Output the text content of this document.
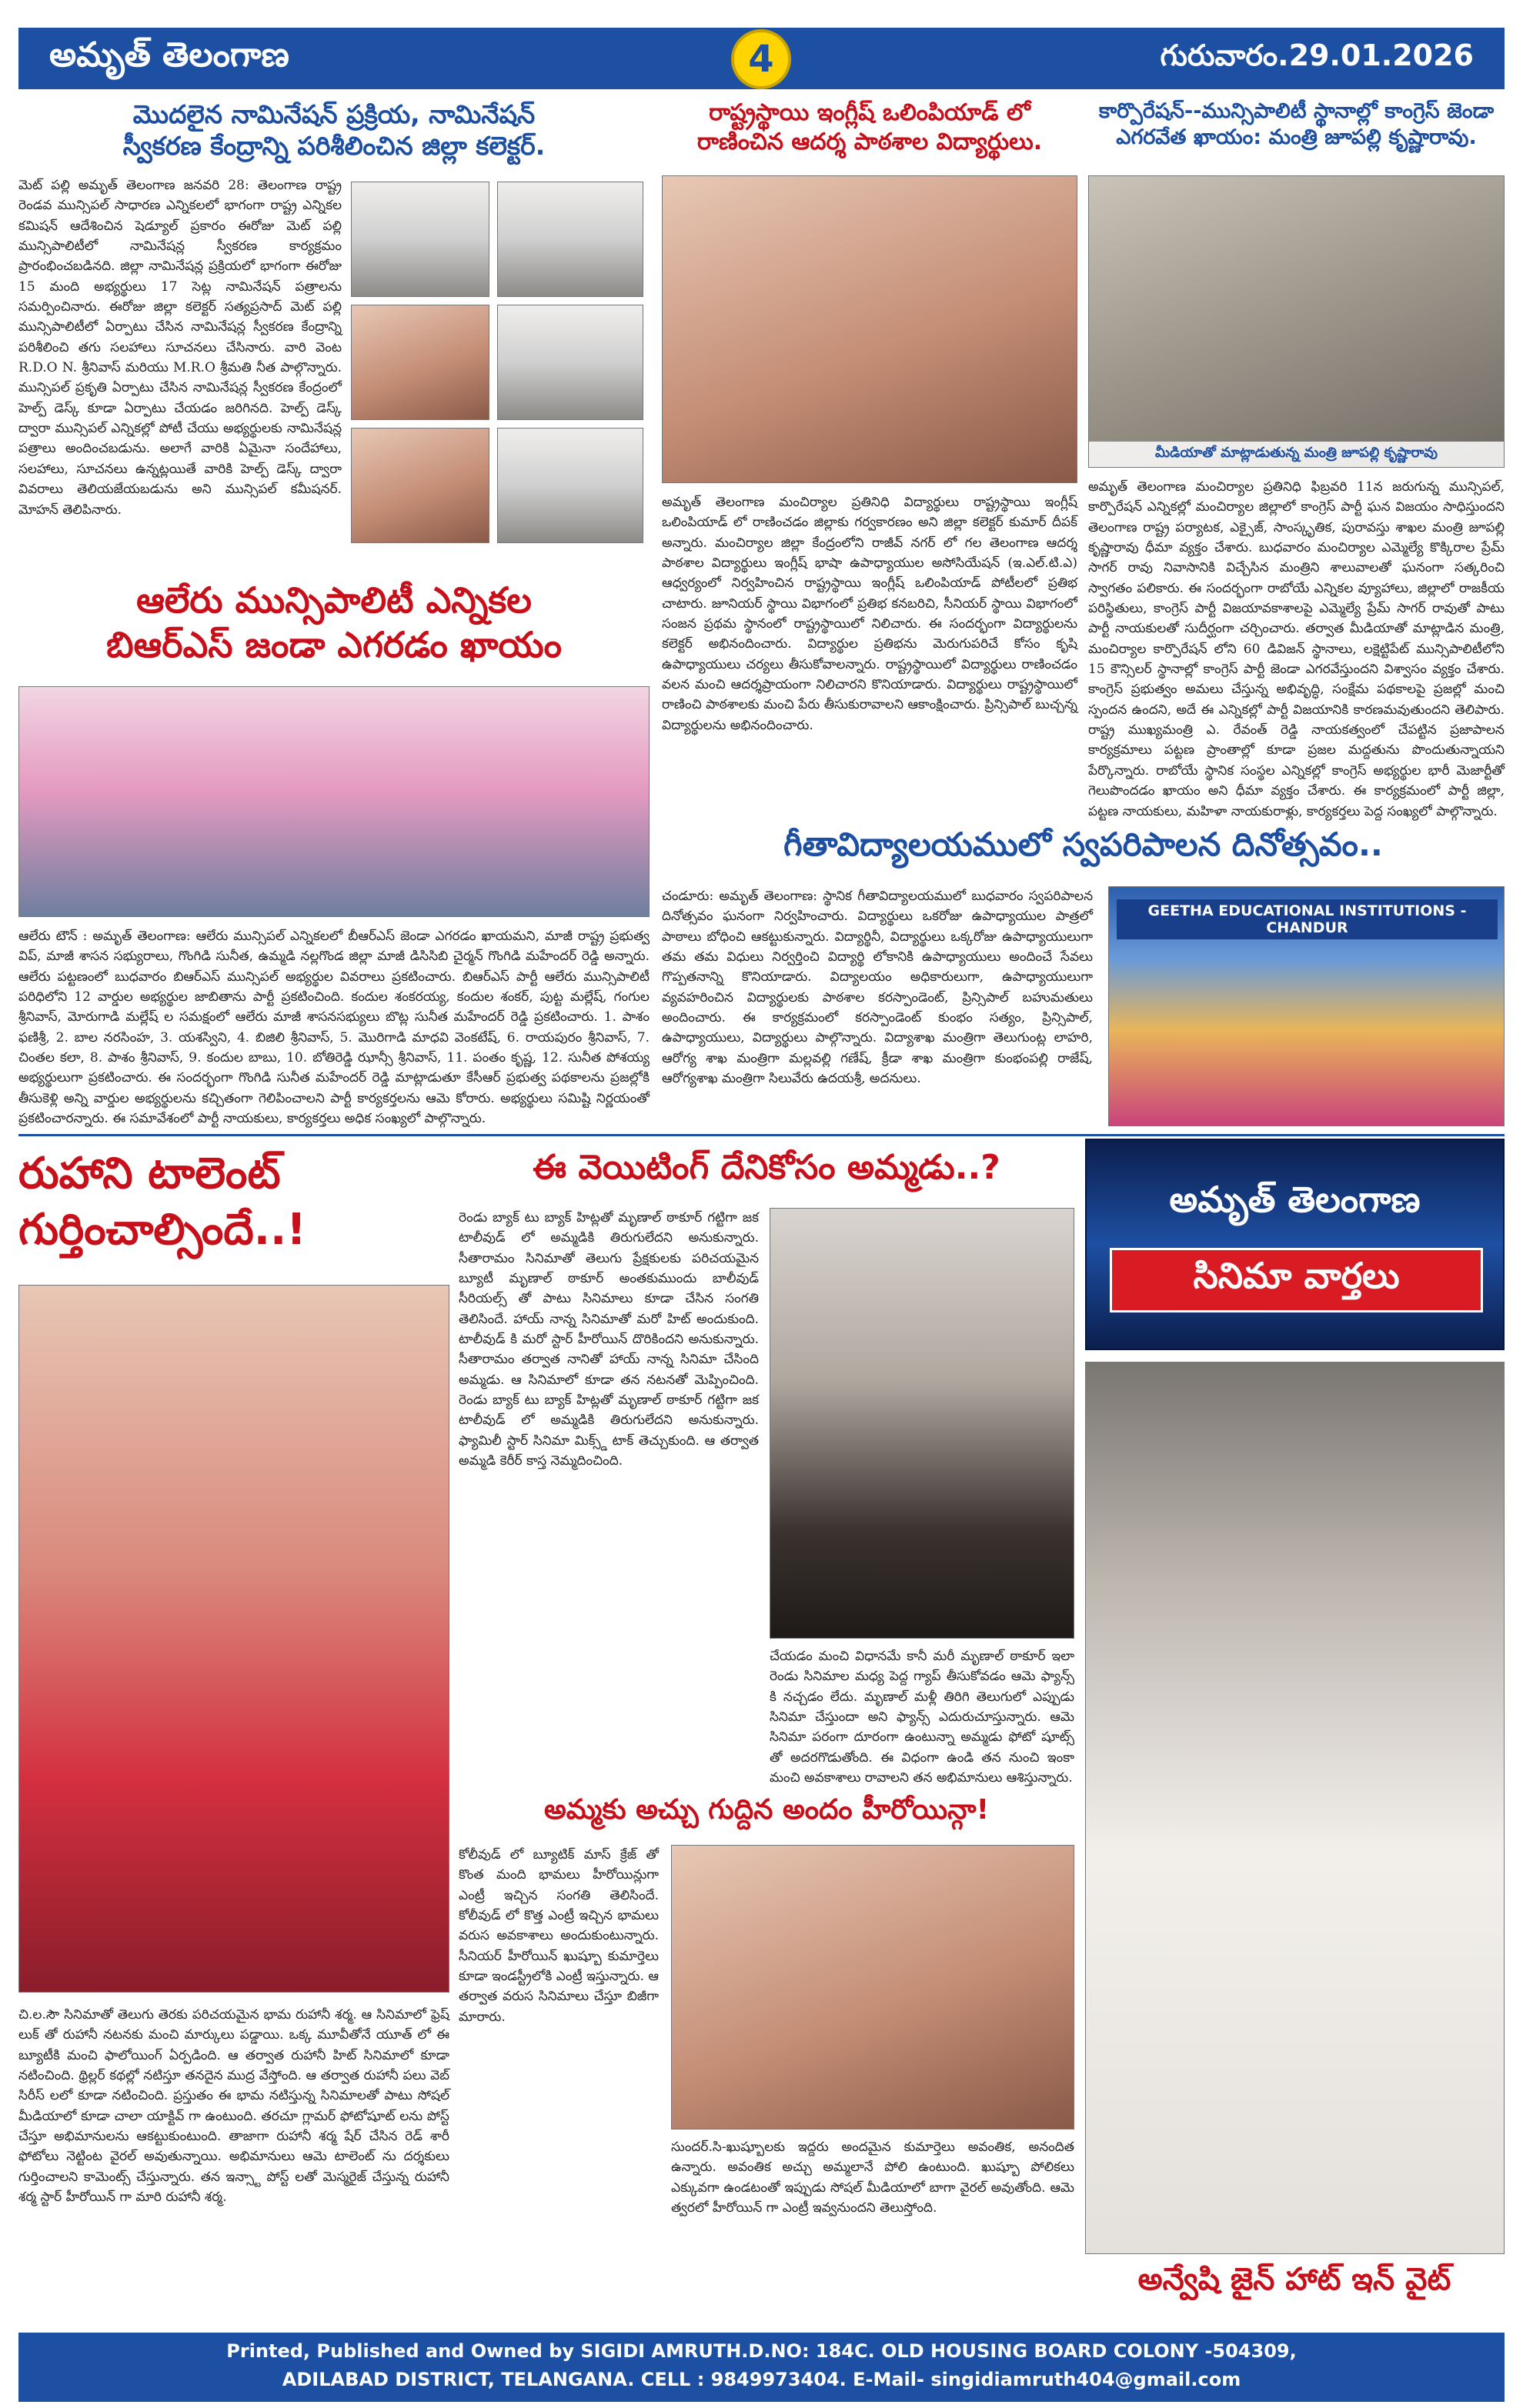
అమృత్ తెలంగాణ	గురువారం.29.01.2026
4
మొదలైన నామినేషన్ ప్రక్రియ, నామినేషన్
స్వీకరణ కేంద్రాన్ని పరిశీలించిన జిల్లా కలెక్టర్.
మెట్ పల్లి అమృత్ తెలంగాణ జనవరి 28: తెలంగాణ రాష్ట్ర రెండవ మున్సిపల్ సాధారణ ఎన్నికలలో భాగంగా రాష్ట్ర ఎన్నికల కమిషన్ ఆదేశించిన షెడ్యూల్ ప్రకారం ఈరోజు మెట్ పల్లి మున్సిపాలిటీలో నామినేషన్ల స్వీకరణ కార్యక్రమం ప్రారంభించబడినది. జిల్లా నామినేషన్ల ప్రక్రియలో భాగంగా ఈరోజు 15 మంది అభ్యర్థులు 17 సెట్ల నామినేషన్ పత్రాలను సమర్పించినారు. ఈరోజు జిల్లా కలెక్టర్ సత్యప్రసాద్ మెట్ పల్లి మున్సిపాలిటీలో ఏర్పాటు చేసిన నామినేషన్ల స్వీకరణ కేంద్రాన్ని పరిశీలించి తగు సలహాలు సూచనలు చేసినారు. వారి వెంట R.D.O N. శ్రీనివాస్ మరియు M.R.O శ్రీమతి నీత పాల్గొన్నారు. మున్సిపల్ ప్రకృతి ఏర్పాటు చేసిన నామినేషన్ల స్వీకరణ కేంద్రంలో హెల్ప్ డెస్క్ కూడా ఏర్పాటు చేయడం జరిగినది. హెల్ప్ డెస్క్ ద్వారా మున్సిపల్ ఎన్నికల్లో పోటీ చేయు అభ్యర్థులకు నామినేషన్ల పత్రాలు అందించబడును. అలాగే వారికి ఏమైనా సందేహాలు, సలహాలు, సూచనలు ఉన్నట్లయితే వారికి హెల్ప్ డెస్క్ ద్వారా వివరాలు తెలియజేయబడును అని మున్సిపల్ కమీషనర్. మోహన్ తెలిపినారు.
ఆలేరు మున్సిపాలిటీ ఎన్నికల
బిఆర్ఎస్ జండా ఎగరడం ఖాయం
ఆలేరు టౌన్ : అమృత్ తెలంగాణ: ఆలేరు మున్సిపల్ ఎన్నికలలో బీఆర్ఎస్ జెండా ఎగరడం ఖాయమని, మాజీ రాష్ట్ర ప్రభుత్వ విప్, మాజీ శాసన సభ్యురాలు, గొంగిడి సునీత, ఉమ్మడి నల్లగొండ జిల్లా మాజీ డిసిసిబి చైర్మన్ గొంగిడి మహేందర్ రెడ్డి అన్నారు. ఆలేరు పట్టణంలో బుధవారం బిఆర్ఎస్ మున్సిపల్ అభ్యర్థుల వివరాలు ప్రకటించారు. బిఆర్ఎస్ పార్టీ ఆలేరు మున్సిపాలిటీ పరిధిలోని 12 వార్డుల అభ్యర్థుల జాబితాను పార్టీ ప్రకటించింది. కందుల శంకరయ్య, కందుల శంకర్, పుట్ట మల్లేష్, గంగుల శ్రీనివాస్, మోరుగాడి మల్లేష్ ల సమక్షంలో ఆలేరు మాజీ శాసనసభ్యులు బొట్ల సునీత మహేందర్ రెడ్డి ప్రకటించారు. 1. పాశం ఫణిశ్రీ, 2. బాల నరసింహ, 3. యశస్విని, 4. బిజిలి శ్రీనివాస్, 5. మొరిగాడి మాధవి వెంకటేష్, 6. రాయపురం శ్రీనివాస్, 7. చింతల కలా, 8. పాశం శ్రీనివాస్, 9. కందుల బాబు, 10. బోతిరెడ్డి ఝాన్సీ శ్రీనివాస్, 11. పంతం కృష్ణ, 12. సునీత పోశయ్య అభ్యర్థులుగా ప్రకటించారు. ఈ సందర్భంగా గొంగిడి సునీత మహేందర్ రెడ్డి మాట్లాడుతూ కేసీఆర్ ప్రభుత్వ పథకాలను ప్రజల్లోకి తీసుకెళ్లి అన్ని వార్డుల అభ్యర్థులను కచ్చితంగా గెలిపించాలని పార్టీ కార్యకర్తలను ఆమె కోరారు. అభ్యర్థులు సమిష్టి నిర్ణయంతో ప్రకటించారన్నారు. ఈ సమావేశంలో పార్టీ నాయకులు, కార్యకర్తలు అధిక సంఖ్యలో పాల్గొన్నారు.
రాష్ట్రస్థాయి ఇంగ్లీష్ ఒలింపియాడ్ లో
రాణించిన ఆదర్శ పాఠశాల విద్యార్థులు.
అమృత్ తెలంగాణ మంచిర్యాల ప్రతినిధి విద్యార్థులు రాష్ట్రస్థాయి ఇంగ్లీష్ ఒలింపియాడ్ లో రాణించడం జిల్లాకు గర్వకారణం అని జిల్లా కలెక్టర్ కుమార్ దీపక్ అన్నారు. మంచిర్యాల జిల్లా కేంద్రంలోని రాజీవ్ నగర్ లో గల తెలంగాణ ఆదర్శ పాఠశాల విద్యార్థులు ఇంగ్లీష్ భాషా ఉపాధ్యాయుల అసోసియేషన్ (ఇ.ఎల్.టి.ఎ) ఆధ్వర్యంలో నిర్వహించిన రాష్ట్రస్థాయి ఇంగ్లీష్ ఒలింపియాడ్ పోటీలలో ప్రతిభ చాటారు. జూనియర్ స్థాయి విభాగంలో ప్రతిభ కనబరిచి, సీనియర్ స్థాయి విభాగంలో సంజన ప్రథమ స్థానంలో రాష్ట్రస్థాయిలో నిలిచారు. ఈ సందర్భంగా విద్యార్థులను కలెక్టర్ అభినందించారు. విద్యార్థుల ప్రతిభను మెరుగుపరిచే కోసం కృషి ఉపాధ్యాయులు చర్యలు తీసుకోవాలన్నారు. రాష్ట్రస్థాయిలో విద్యార్థులు రాణించడం వలన మంచి ఆదర్శప్రాయంగా నిలిచారని కొనియాడారు. విద్యార్థులు రాష్ట్రస్థాయిలో రాణించి పాఠశాలకు మంచి పేరు తీసుకురావాలని ఆకాంక్షించారు. ప్రిన్సిపాల్ బుచ్చన్న విద్యార్థులను అభినందించారు.
కార్పొరేషన్--మున్సిపాలిటీ స్థానాల్లో కాంగ్రెస్ జెండా
ఎగరవేత ఖాయం: మంత్రి జూపల్లి కృష్ణారావు.
మీడియాతో మాట్లాడుతున్న మంత్రి జూపల్లి కృష్ణారావు
అమృత్ తెలంగాణ మంచిర్యాల ప్రతినిధి ఫిబ్రవరి 11న జరుగున్న మున్సిపల్, కార్పొరేషన్ ఎన్నికల్లో మంచిర్యాల జిల్లాలో కాంగ్రెస్ పార్టీ ఘన విజయం సాధిస్తుందని తెలంగాణ రాష్ట్ర పర్యాటక, ఎక్సైజ్, సాంస్కృతిక, పురావస్తు శాఖల మంత్రి జూపల్లి కృష్ణారావు ధీమా వ్యక్తం చేశారు. బుధవారం మంచిర్యాల ఎమ్మెల్యే కొక్కిరాల ప్రేమ్ సాగర్ రావు నివాసానికి విచ్చేసిన మంత్రిని శాలువాలతో ఘనంగా సత్కరించి స్వాగతం పలికారు. ఈ సందర్భంగా రాబోయే ఎన్నికల వ్యూహాలు, జిల్లాలో రాజకీయ పరిస్థితులు, కాంగ్రెస్ పార్టీ విజయావకాశాలపై ఎమ్మెల్యే ప్రేమ్ సాగర్ రావుతో పాటు పార్టీ నాయకులతో సుదీర్ఘంగా చర్చించారు. తర్వాత మీడియాతో మాట్లాడిన మంత్రి, మంచిర్యాల కార్పొరేషన్ లోని 60 డివిజన్ స్థానాలు, లక్షెట్టిపేట్ మున్సిపాలిటీలోని 15 కౌన్సిలర్ స్థానాల్లో కాంగ్రెస్ పార్టీ జెండా ఎగరవేస్తుందని విశ్వాసం వ్యక్తం చేశారు. కాంగ్రెస్ ప్రభుత్వం అమలు చేస్తున్న అభివృద్ధి, సంక్షేమ పథకాలపై ప్రజల్లో మంచి స్పందన ఉందని, అదే ఈ ఎన్నికల్లో పార్టీ విజయానికి కారణమవుతుందని తెలిపారు. రాష్ట్ర ముఖ్యమంత్రి ఎ. రేవంత్ రెడ్డి నాయకత్వంలో చేపట్టిన ప్రజాపాలన కార్యక్రమాలు పట్టణ ప్రాంతాల్లో కూడా ప్రజల మద్దతును పొందుతున్నాయని పేర్కొన్నారు. రాబోయే స్థానిక సంస్థల ఎన్నికల్లో కాంగ్రెస్ అభ్యర్థుల భారీ మెజార్టీతో గెలుపొందడం ఖాయం అని ధీమా వ్యక్తం చేశారు. ఈ కార్యక్రమంలో పార్టీ జిల్లా, పట్టణ నాయకులు, మహిళా నాయకురాళ్లు, కార్యకర్తలు పెద్ద సంఖ్యలో పాల్గొన్నారు.
గీతావిద్యాలయములో స్వపరిపాలన దినోత్సవం..
చండూరు: అమృత్ తెలంగాణ: స్థానిక గీతావిద్యాలయములో బుధవారం స్వపరిపాలన దినోత్సవం ఘనంగా నిర్వహించారు. విద్యార్థులు ఒకరోజు ఉపాధ్యాయుల పాత్రలో పాఠాలు బోధించి ఆకట్టుకున్నారు. విద్యార్థినీ, విద్యార్థులు ఒక్కరోజు ఉపాధ్యాయులుగా తమ తమ విధులు నిర్వర్తించి విద్యార్థి లోకానికి ఉపాధ్యాయులు అందించే సేవలు గొప్పతనాన్ని కొనియాడారు. విద్యాలయం అధికారులుగా, ఉపాధ్యాయులుగా వ్యవహరించిన విద్యార్థులకు పాఠశాల కరస్పాండెంట్, ప్రిన్సిపాల్ బహుమతులు అందించారు. ఈ కార్యక్రమంలో కరస్పాండెంట్ కుంభం సత్యం, ప్రిన్సిపాల్, ఉపాధ్యాయులు, విద్యార్థులు పాల్గొన్నారు. విద్యాశాఖ మంత్రిగా తెలుగుంట్ల లాహరి, ఆరోగ్య శాఖ మంత్రిగా మల్లవల్లి గణేష్, క్రీడా శాఖ మంత్రిగా కుంభంపల్లి రాజేష్, ఆరోగ్యశాఖ మంత్రిగా సిలువేరు ఉదయశ్రీ, అదనులు.
GEETHA EDUCATIONAL INSTITUTIONS - CHANDUR
రుహాని టాలెంట్
గుర్తించాల్సిందే..!
చి.ల.సౌ సినిమాతో తెలుగు తెరకు పరిచయమైన భామ రుహానీ శర్మ. ఆ సినిమాలో ఫ్రెష్ లుక్ తో రుహానీ నటనకు మంచి మార్కులు పడ్డాయి. ఒక్క మూవీతోనే యూత్ లో ఈ బ్యూటీకి మంచి ఫాలోయింగ్ ఏర్పడింది. ఆ తర్వాత రుహానీ హిట్ సినిమాలో కూడా నటించింది. థ్రిల్లర్ కథల్లో నటిస్తూ తనదైన ముద్ర వేస్తోంది. ఆ తర్వాత రుహానీ పలు వెబ్ సిరీస్ లలో కూడా నటించింది. ప్రస్తుతం ఈ భామ నటిస్తున్న సినిమాలతో పాటు సోషల్ మీడియాలో కూడా చాలా యాక్టివ్ గా ఉంటుంది. తరచూ గ్లామర్ ఫోటోషూట్ లను పోస్ట్ చేస్తూ అభిమానులను ఆకట్టుకుంటుంది. తాజాగా రుహానీ శర్మ షేర్ చేసిన రెడ్ శారీ ఫోటోలు నెట్టింట వైరల్ అవుతున్నాయి. అభిమానులు ఆమె టాలెంట్ ను దర్శకులు గుర్తించాలని కామెంట్స్ చేస్తున్నారు. తన ఇన్స్టా పోస్ట్ లతో మెస్మరైజ్ చేస్తున్న రుహానీ శర్మ స్టార్ హీరోయిన్ గా మారి రుహానీ శర్మ.
ఈ వెయిటింగ్ దేనికోసం అమ్మడు..?
రెండు బ్యాక్ టు బ్యాక్ హిట్లతో మృణాల్ ఠాకూర్ గట్టిగా జక టాలీవుడ్ లో అమ్మడికి తిరుగులేదని అనుకున్నారు. సీతారామం సినిమాతో తెలుగు ప్రేక్షకులకు పరిచయమైన బ్యూటీ మృణాల్ ఠాకూర్ అంతకుముందు బాలీవుడ్ సీరియల్స్ తో పాటు సినిమాలు కూడా చేసిన సంగతి తెలిసిందే. హాయ్ నాన్న సినిమాతో మరో హిట్ అందుకుంది. టాలీవుడ్ కి మరో స్టార్ హీరోయిన్ దొరికిందని అనుకున్నారు. సీతారామం తర్వాత నానితో హాయ్ నాన్న సినిమా చేసింది అమ్మడు. ఆ సినిమాలో కూడా తన నటనతో మెప్పించింది. రెండు బ్యాక్ టు బ్యాక్ హిట్లతో మృణాల్ ఠాకూర్ గట్టిగా జక టాలీవుడ్ లో అమ్మడికి తిరుగులేదని అనుకున్నారు. ఫ్యామిలీ స్టార్ సినిమా మిక్స్డ్ టాక్ తెచ్చుకుంది. ఆ తర్వాత అమ్మడి కెరీర్ కాస్త నెమ్మదించింది.
చేయడం మంచి విధానమే కానీ మరీ మృణాల్ ఠాకూర్ ఇలా రెండు సినిమాల మధ్య పెద్ద గ్యాప్ తీసుకోవడం ఆమె ఫ్యాన్స్ కి నచ్చడం లేదు. మృణాల్ మళ్లీ తిరిగి తెలుగులో ఎప్పుడు సినిమా చేస్తుందా అని ఫ్యాన్స్ ఎదురుచూస్తున్నారు. ఆమె సినిమా పరంగా దూరంగా ఉంటున్నా అమ్మడు ఫోటో షూట్స్ తో అదరగొడుతోంది. ఈ విధంగా ఉండి తన నుంచి ఇంకా మంచి అవకాశాలు రావాలని తన అభిమానులు ఆశిస్తున్నారు.
అమ్మకు అచ్చు గుద్దిన అందం హీరోయిన్గా!
కోలీవుడ్ లో బ్యూటిక్ మాస్ క్రేజ్ తో కొంత మంది భామలు హీరోయిన్లుగా ఎంట్రీ ఇచ్చిన సంగతి తెలిసిందే. కోలీవుడ్ లో కొత్త ఎంట్రీ ఇచ్చిన భామలు వరుస అవకాశాలు అందుకుంటున్నారు. సీనియర్ హీరోయిన్ ఖుష్బూ కుమార్తెలు కూడా ఇండస్ట్రీలోకి ఎంట్రీ ఇస్తున్నారు. ఆ తర్వాత వరుస సినిమాలు చేస్తూ బిజీగా మారారు.
సుందర్.సి-ఖుష్బూలకు ఇద్దరు అందమైన కుమార్తెలు అవంతిక, అనందిత ఉన్నారు. అవంతిక అచ్చు అమ్మలానే పోలి ఉంటుంది. ఖుష్బూ పోలికలు ఎక్కువగా ఉండటంతో ఇప్పుడు సోషల్ మీడియాలో బాగా వైరల్ అవుతోంది. ఆమె త్వరలో హీరోయిన్ గా ఎంట్రీ ఇవ్వనుందని తెలుస్తోంది.
అమృత్ తెలంగాణ
సినిమా వార్తలు
అన్వేషి జైన్ హాట్ ఇన్ వైట్
Printed, Published and Owned by SIGIDI AMRUTH.D.NO: 184C. OLD HOUSING BOARD COLONY -504309,
ADILABAD DISTRICT, TELANGANA. CELL : 9849973404. E-Mail- singidiamruth404@gmail.com
